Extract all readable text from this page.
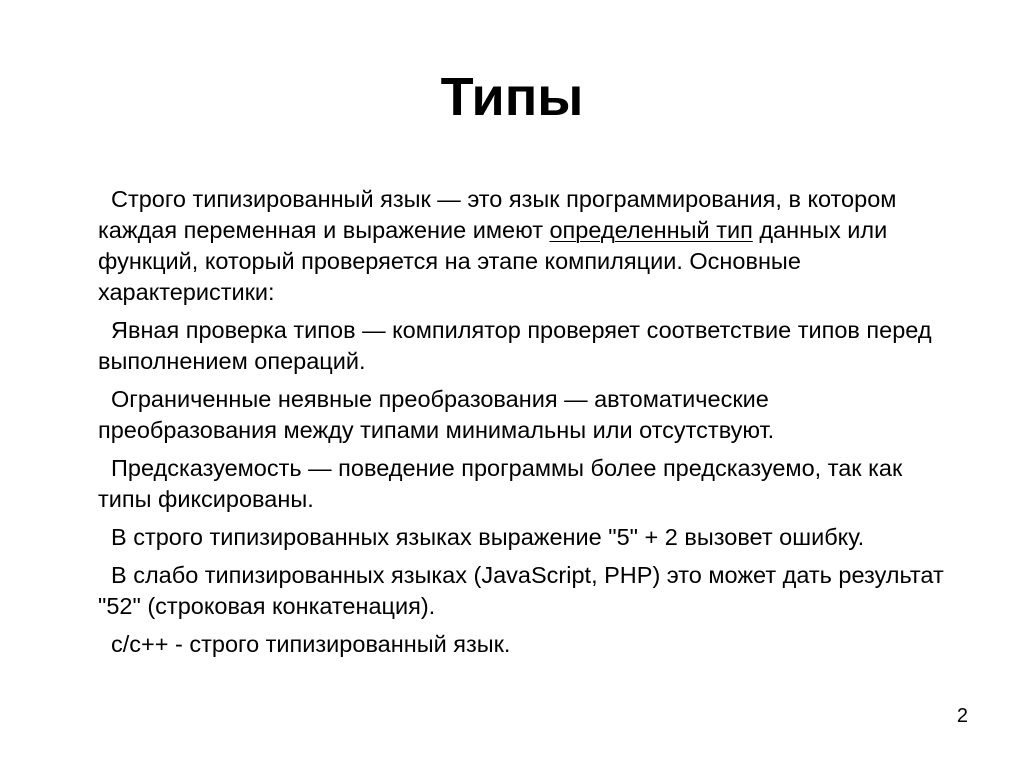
Типы

Строго типизированный язык — это язык программирования, в котором каждая переменная и выражение имеют определенный тип данных или функций, который проверяется на этапе компиляции. Основные характеристики:

Явная проверка типов — компилятор проверяет соответствие типов перед выполнением операций.

Ограниченные неявные преобразования — автоматические преобразования между типами минимальны или отсутствуют.

Предсказуемость — поведение программы более предсказуемо, так как типы фиксированы.

В строго типизированных языках выражение "5" + 2 вызовет ошибку.

В слабо типизированных языках (JavaScript, PHP) это может дать результат "52" (строковая конкатенация).

c/c++ - строго типизированный язык.

2
